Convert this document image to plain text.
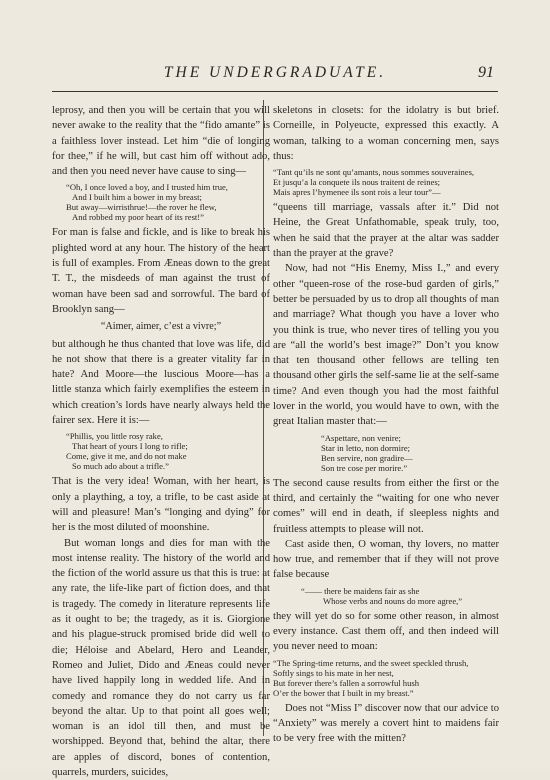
THE UNDERGRADUATE.	91

leprosy, and then you will be certain that you will never awake to the reality that the “fido amante” is a faithless lover instead. Let him “die of longing for thee,” if he will, but cast him off without ado, and then you need never have cause to sing—

“Oh, I once loved a boy, and I trusted him true,
And I built him a bower in my breast;
But away—wirristhrue!—the rover he flew,
And robbed my poor heart of its rest!”

For man is false and fickle, and is like to break his plighted word at any hour. The history of the heart is full of examples. From Æneas down to the great T. T., the misdeeds of man against the trust of woman have been sad and sorrowful. The bard of Brooklyn sang—

“Aimer, aimer, c’est a vivre;”

but although he thus chanted that love was life, did he not show that there is a greater vitality far in hate? And Moore—the luscious Moore—has a little stanza which fairly exemplifies the esteem in which creation’s lords have nearly always held the fairer sex. Here it is:—

“Phillis, you little rosy rake,
That heart of yours I long to rifle;
Come, give it me, and do not make
So much ado about a trifle.”

That is the very idea! Woman, with her heart, is only a plaything, a toy, a trifle, to be cast aside at will and pleasure! Man’s “longing and dying” for her is the most diluted of moonshine.

But woman longs and dies for man with the most intense reality. The history of the world and the fiction of the world assure us that this is true: at any rate, the life-like part of fiction does, and that is tragedy. The comedy in literature represents life as it ought to be; the tragedy, as it is. Giorgione and his plague-struck promised bride did well to die; Héloise and Abelard, Hero and Leander, Romeo and Juliet, Dido and Æneas could never have lived happily long in wedded life. And in comedy and romance they do not carry us far beyond the altar. Up to that point all goes well; woman is an idol till then, and must be worshipped. Beyond that, behind the altar, there are apples of discord, bones of contention, quarrels, murders, suicides,

skeletons in closets: for the idolatry is but brief. Corneille, in Polyeucte, expressed this exactly. A woman, talking to a woman concerning men, says thus:

“Tant qu’ils ne sont qu’amants, nous sommes souveraines,
Et jusqu’a la conquete ils nous traitent de reines;
Mais apres l’hymenee ils sont rois a leur tour”—

“queens till marriage, vassals after it.” Did not Heine, the Great Unfathomable, speak truly, too, when he said that the prayer at the altar was sadder than the prayer at the grave?

Now, had not “His Enemy, Miss I.,” and every other “queen-rose of the rose-bud garden of girls,” better be persuaded by us to drop all thoughts of man and marriage? What though you have a lover who you think is true, who never tires of telling you you are “all the world’s best image?” Don’t you know that ten thousand other fellows are telling ten thousand other girls the self-same lie at the self-same time? And even though you had the most faithful lover in the world, you would have to own, with the great Italian master that:—

“Aspettare, non venire;
Star in letto, non dormire;
Ben servire, non gradire—
Son tre cose per morire.”

The second cause results from either the first or the third, and certainly the “waiting for one who never comes” will end in death, if sleepless nights and fruitless attempts to please will not.

Cast aside then, O woman, thy lovers, no matter how true, and remember that if they will not prove false because

“—— there be maidens fair as she
Whose verbs and nouns do more agree,”

they will yet do so for some other reason, in almost every instance. Cast them off, and then indeed will you never need to moan:

“The Spring-time returns, and the sweet speckled thrush,
Softly sings to his mate in her nest,
But forever there’s fallen a sorrowful hush
O’er the bower that I built in my breast.”

Does not “Miss I” discover now that our advice to “Anxiety” was merely a covert hint to maidens fair to be very free with the mitten?
